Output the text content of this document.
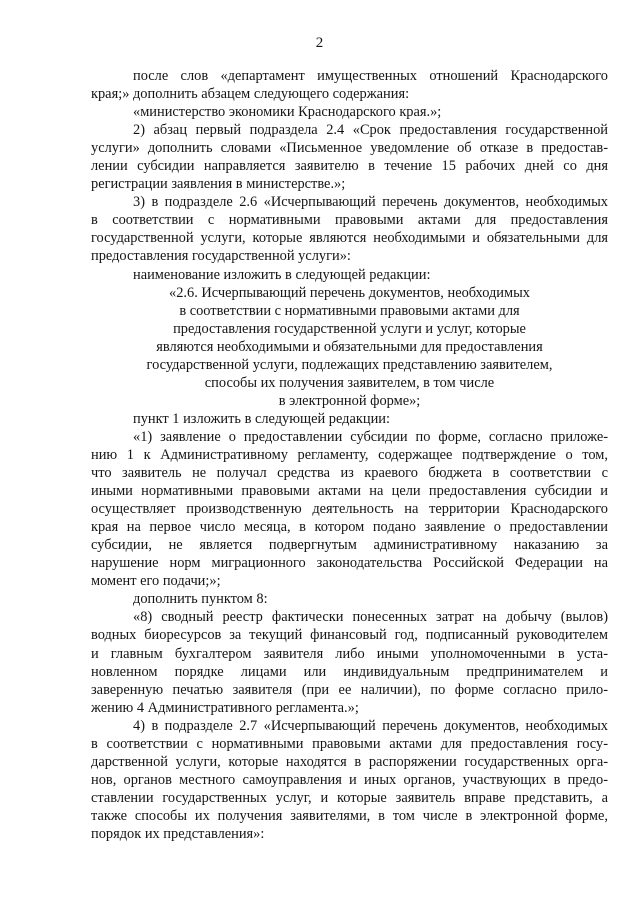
2
после слов «департамент имущественных отношений Краснодарского
края;» дополнить абзацем следующего содержания:
«министерство экономики Краснодарского края.»;
2) абзац первый подраздела 2.4 «Срок предоставления государственной
услуги» дополнить словами «Письменное уведомление об отказе в предостав-
лении субсидии направляется заявителю в течение 15 рабочих дней со дня
регистрации заявления в министерстве.»;
3) в подразделе 2.6 «Исчерпывающий перечень документов, необходимых
в соответствии с нормативными правовыми актами для предоставления
государственной услуги, которые являются необходимыми и обязательными для
предоставления государственной услуги»:
наименование изложить в следующей редакции:
«2.6. Исчерпывающий перечень документов, необходимых
в соответствии с нормативными правовыми актами для
предоставления государственной услуги и услуг, которые
являются необходимыми и обязательными для предоставления
государственной услуги, подлежащих представлению заявителем,
способы их получения заявителем, в том числе
в электронной форме»;
пункт 1 изложить в следующей редакции:
«1) заявление о предоставлении субсидии по форме, согласно приложе-
нию 1 к Административному регламенту, содержащее подтверждение о том,
что заявитель не получал средства из краевого бюджета в соответствии с
иными нормативными правовыми актами на цели предоставления субсидии и
осуществляет производственную деятельность на территории Краснодарского
края на первое число месяца, в котором подано заявление о предоставлении
субсидии, не является подвергнутым административному наказанию за
нарушение норм миграционного законодательства Российской Федерации на
момент его подачи;»;
дополнить пунктом 8:
«8) сводный реестр фактически понесенных затрат на добычу (вылов)
водных биоресурсов за текущий финансовый год, подписанный руководителем
и главным бухгалтером заявителя либо иными уполномоченными в уста-
новленном порядке лицами или индивидуальным предпринимателем и
заверенную печатью заявителя (при ее наличии), по форме согласно прило-
жению 4 Административного регламента.»;
4) в подразделе 2.7 «Исчерпывающий перечень документов, необходимых
в соответствии с нормативными правовыми актами для предоставления госу-
дарственной услуги, которые находятся в распоряжении государственных орга-
нов, органов местного самоуправления и иных органов, участвующих в предо-
ставлении государственных услуг, и которые заявитель вправе представить, а
также способы их получения заявителями, в том числе в электронной форме,
порядок их представления»:
